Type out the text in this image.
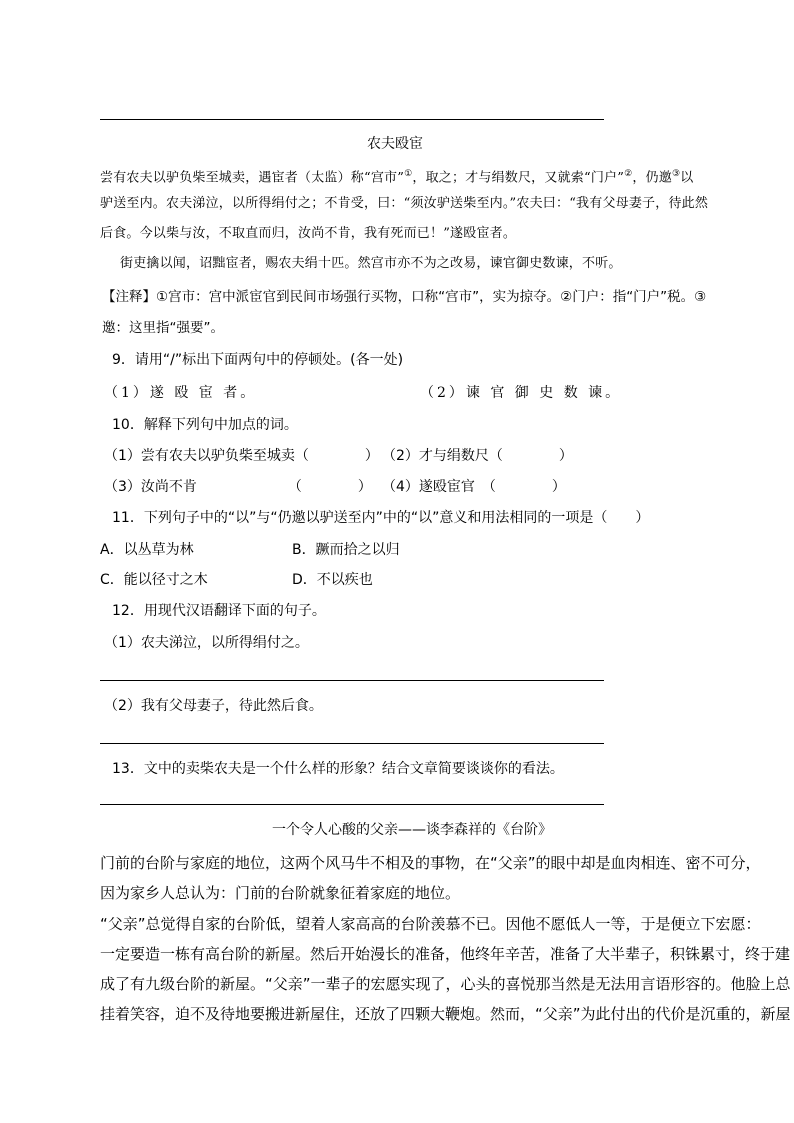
农夫殴宦
尝有农夫以驴负柴至城卖，遇宦者（太监）称“宫市”①，取之；才与绢数尺，又就索“门户”②，仍邀③以
驴送至内。农夫涕泣，以所得绢付之；不肯受，曰：“须汝驴送柴至内。”农夫曰：“我有父母妻子，待此然
后食。今以柴与汝，不取直而归，汝尚不肯，我有死而已！”遂殴宦者。
街吏擒以闻，诏黜宦者，赐农夫绢十匹。然宫市亦不为之改易，谏官御史数谏，不听。
【注释】①宫市：宫中派宦官到民间市场强行买物，口称“宫市”，实为掠夺。②门户：指“门户”税。③
邀：这里指“强要”。
9．请用“/”标出下面两句中的停顿处。(各一处)
（1）遂 殴 宦 者。	（2）谏 官 御 史 数 谏。
10．解释下列句中加点的词。
（1）尝有农夫以驴负柴至城卖（　　　　） （2）才与绢数尺（　　　　）
（3）汝尚不肯　　　　　　　（　　　　） （4）遂殴宦官　（　　　　）
11．下列句子中的“以”与“仍邀以驴送至内”中的“以”意义和用法相同的一项是（　　）
A．以丛草为林	B．蹶而拾之以归
C．能以径寸之木	D．不以疾也
12．用现代汉语翻译下面的句子。
（1）农夫涕泣，以所得绢付之。
（2）我有父母妻子，待此然后食。
13．文中的卖柴农夫是一个什么样的形象？结合文章简要谈谈你的看法。
一个令人心酸的父亲——谈李森祥的《台阶》
门前的台阶与家庭的地位，这两个风马牛不相及的事物，在“父亲”的眼中却是血肉相连、密不可分，
因为家乡人总认为：门前的台阶就象征着家庭的地位。
“父亲”总觉得自家的台阶低，望着人家高高的台阶羡慕不已。因他不愿低人一等，于是便立下宏愿：
一定要造一栋有高台阶的新屋。然后开始漫长的准备，他终年辛苦，准备了大半辈子，积铢累寸，终于建
成了有九级台阶的新屋。“父亲”一辈子的宏愿实现了，心头的喜悦那当然是无法用言语形容的。他脸上总
挂着笑容，迫不及待地要搬进新屋住，还放了四颗大鞭炮。然而，“父亲”为此付出的代价是沉重的，新屋
